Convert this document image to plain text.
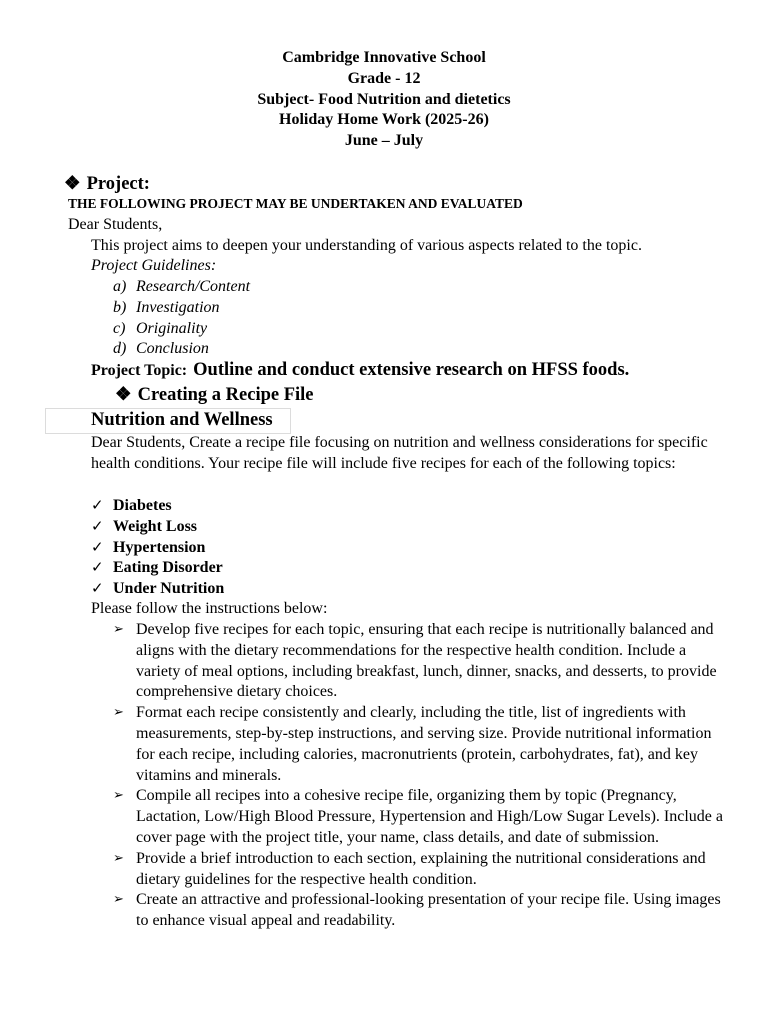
Cambridge Innovative School
Grade - 12
Subject- Food Nutrition and dietetics
Holiday Home Work (2025-26)
June – July
❖ Project:
THE FOLLOWING PROJECT MAY BE UNDERTAKEN AND EVALUATED
Dear Students,
This project aims to deepen your understanding of various aspects related to the topic.
Project Guidelines:
a) Research/Content
b) Investigation
c) Originality
d) Conclusion
Project Topic: Outline and conduct extensive research on HFSS foods.
❖ Creating a Recipe File
Nutrition and Wellness
Dear Students, Create a recipe file focusing on nutrition and wellness considerations for specific health conditions. Your recipe file will include five recipes for each of the following topics:
✓ Diabetes
✓ Weight Loss
✓ Hypertension
✓ Eating Disorder
✓ Under Nutrition
Please follow the instructions below:
➢ Develop five recipes for each topic, ensuring that each recipe is nutritionally balanced and aligns with the dietary recommendations for the respective health condition. Include a variety of meal options, including breakfast, lunch, dinner, snacks, and desserts, to provide comprehensive dietary choices.
➢ Format each recipe consistently and clearly, including the title, list of ingredients with measurements, step-by-step instructions, and serving size. Provide nutritional information for each recipe, including calories, macronutrients (protein, carbohydrates, fat), and key vitamins and minerals.
➢ Compile all recipes into a cohesive recipe file, organizing them by topic (Pregnancy, Lactation, Low/High Blood Pressure, Hypertension and High/Low Sugar Levels). Include a cover page with the project title, your name, class details, and date of submission.
➢ Provide a brief introduction to each section, explaining the nutritional considerations and dietary guidelines for the respective health condition.
➢ Create an attractive and professional-looking presentation of your recipe file. Using images to enhance visual appeal and readability.
